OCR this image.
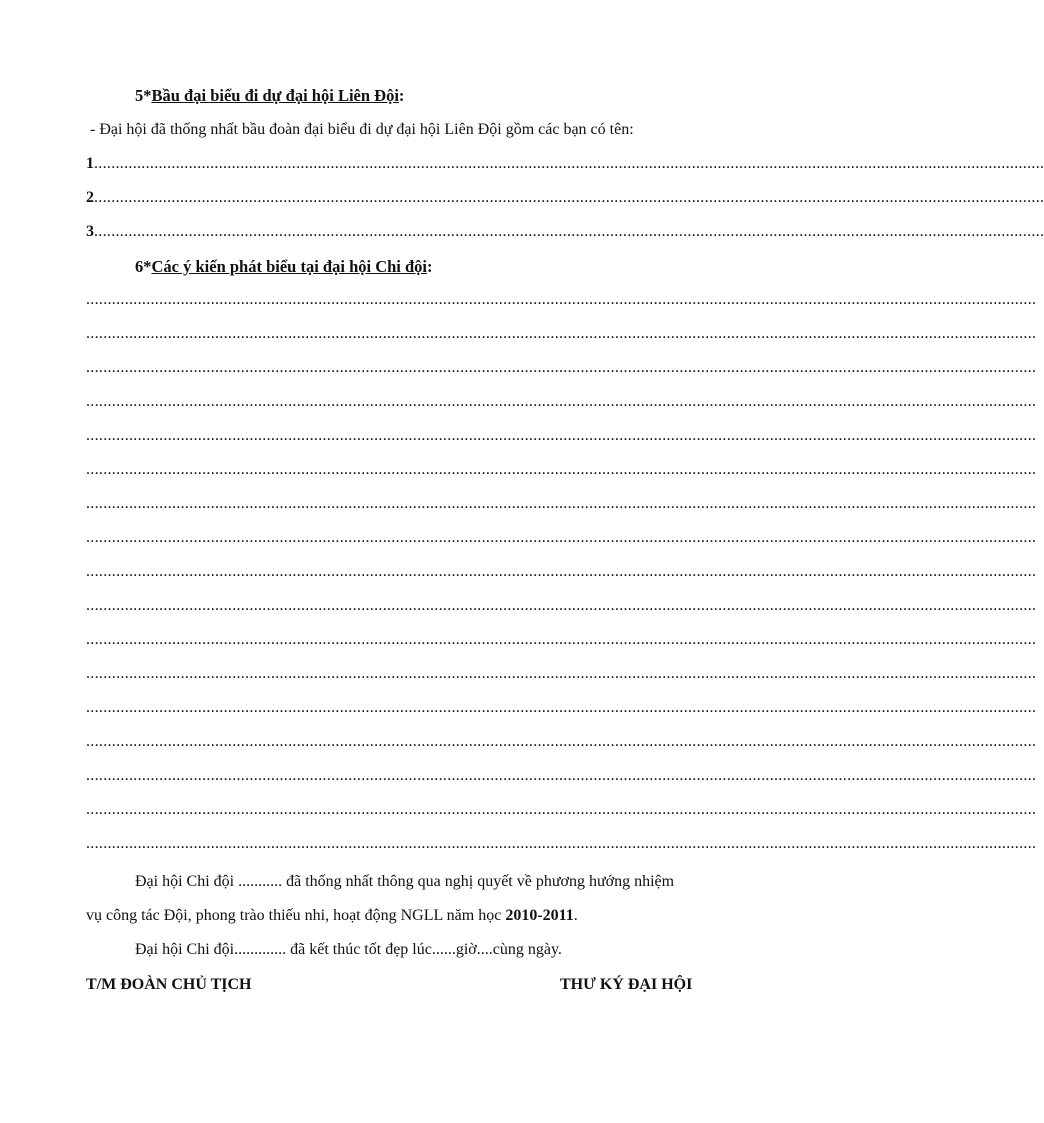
5*Bầu đại biểu đi dự đại hội Liên Đội:
- Đại hội đã thống nhất bầu đoàn đại biểu đi dự đại hội Liên Đội gồm các bạn có tên:
1 .............................................................................................................................................................................................................................
2 .............................................................................................................................................................................................................................
3 .............................................................................................................................................................................................................................
6*Các ý kiến phát biểu tại đại hội Chi đội:
.............................................................................................................................................................................................................................
.............................................................................................................................................................................................................................
.............................................................................................................................................................................................................................
.............................................................................................................................................................................................................................
.............................................................................................................................................................................................................................
.............................................................................................................................................................................................................................
.............................................................................................................................................................................................................................
.............................................................................................................................................................................................................................
.............................................................................................................................................................................................................................
.............................................................................................................................................................................................................................
.............................................................................................................................................................................................................................
.............................................................................................................................................................................................................................
.............................................................................................................................................................................................................................
.............................................................................................................................................................................................................................
.............................................................................................................................................................................................................................
.............................................................................................................................................................................................................................
.............................................................................................................................................................................................................................
Đại hội Chi đội ........... đã thống nhất thông qua nghị quyết về phương hướng nhiệm
vụ công tác Đội, phong trào thiếu nhi, hoạt động NGLL năm học 2010-2011.
Đại hội Chi đội............. đã kết thúc tốt đẹp lúc......giờ....cùng ngày.
T/M ĐOÀN CHỦ TỊCH	THƯ KÝ ĐẠI HỘI
